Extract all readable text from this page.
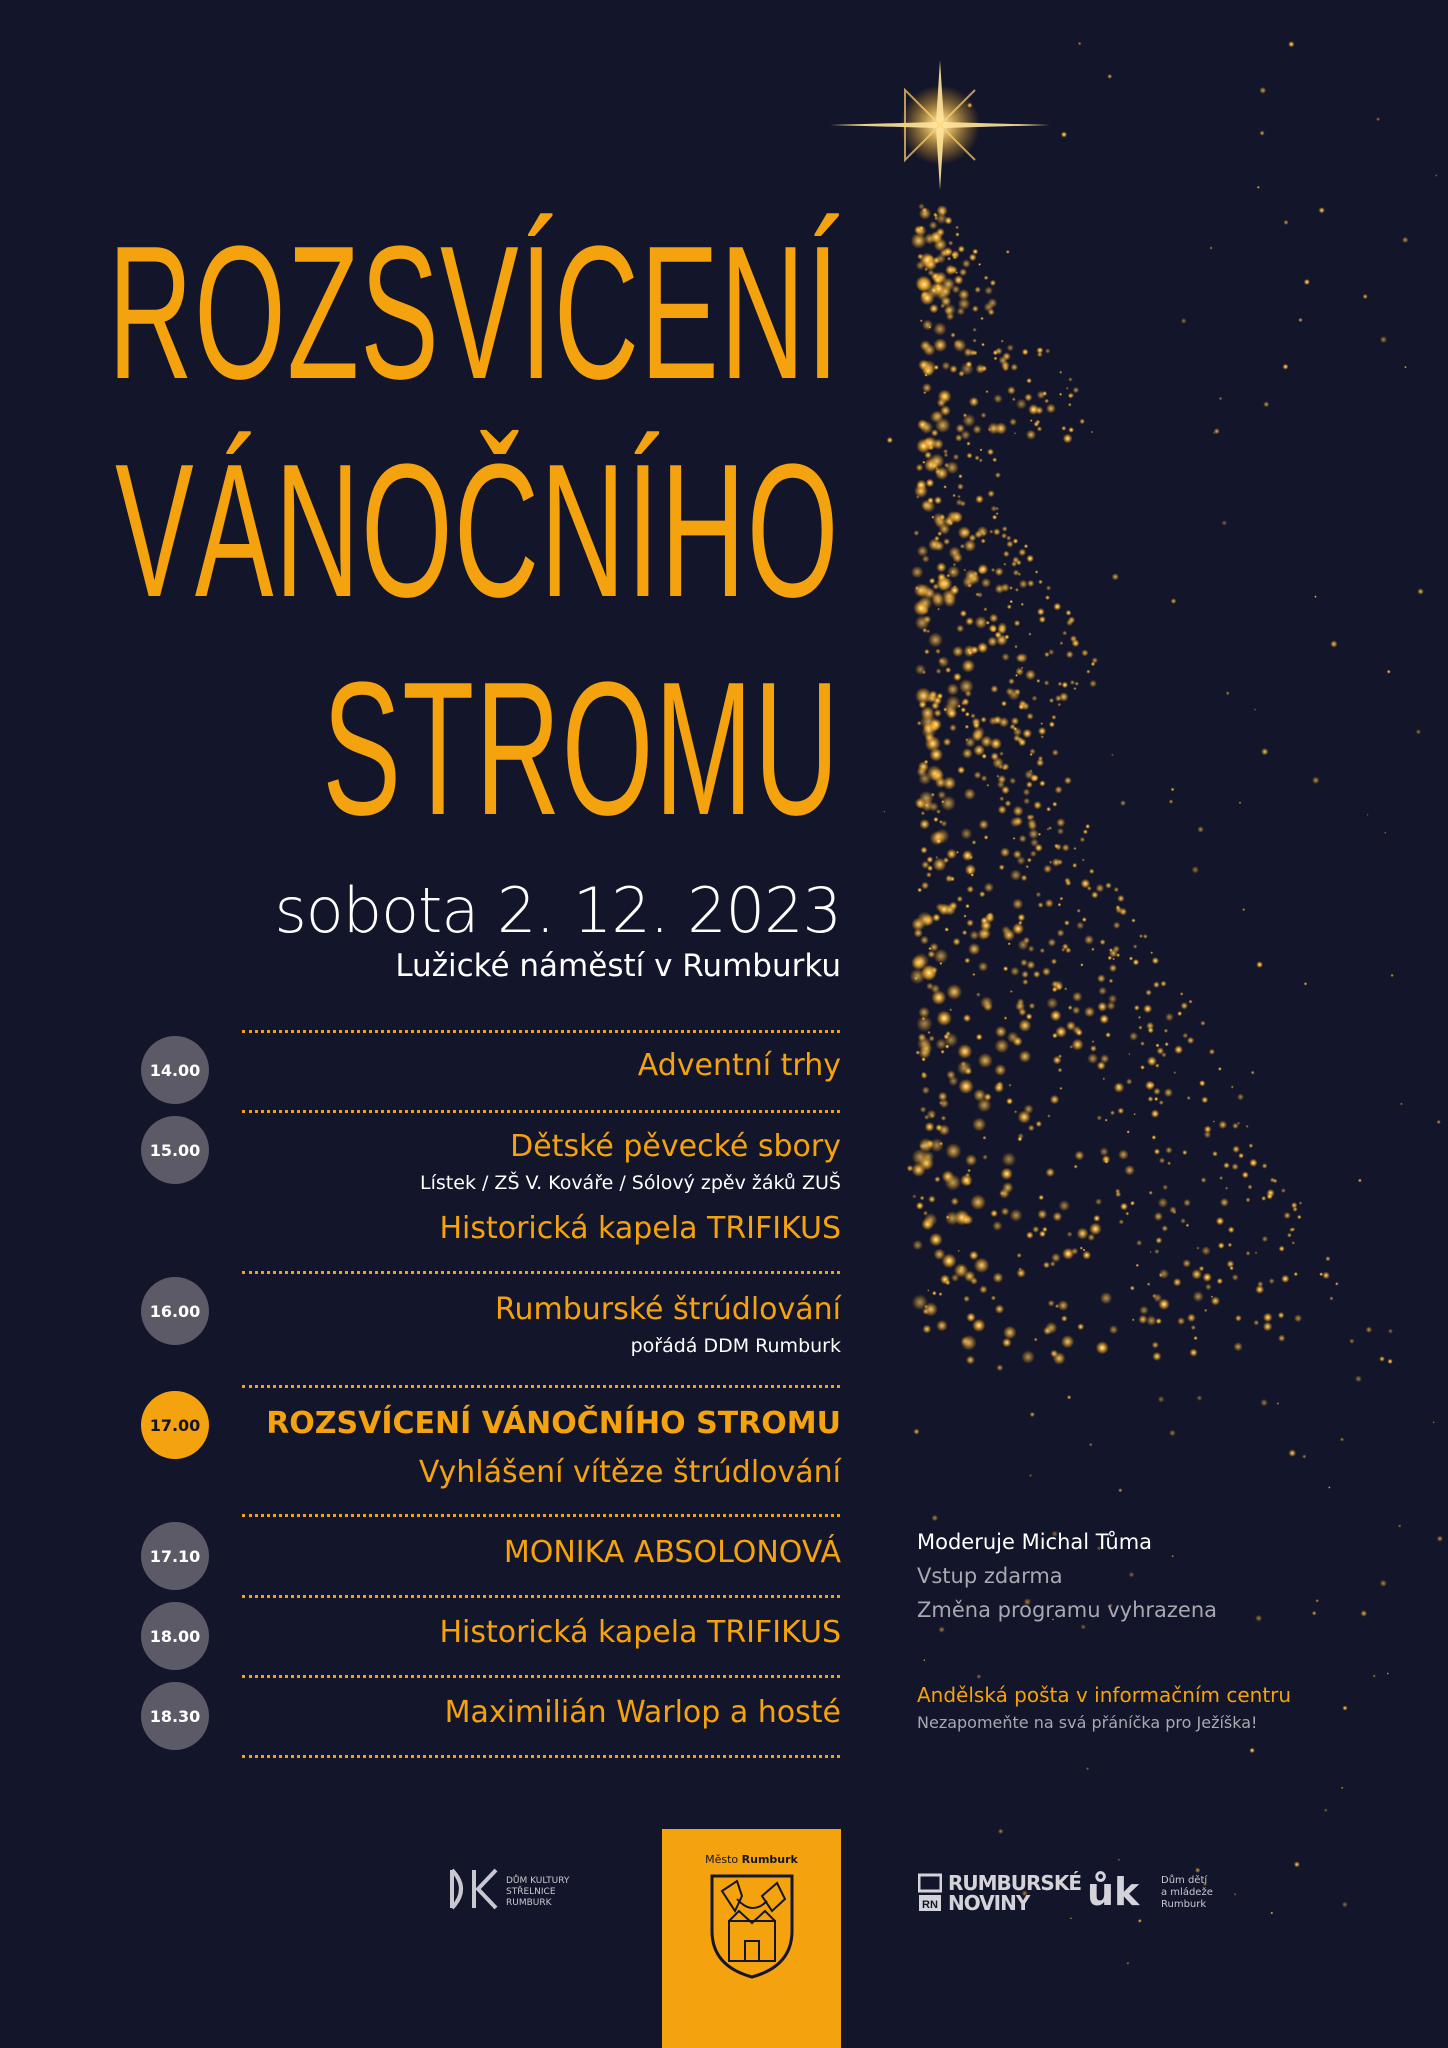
ROZSVÍCENÍ
VÁNOČNÍHO
STROMU
sobota 2. 12. 2023
Lužické náměstí v Rumburku
14.00	Adventní trhy
15.00	Dětské pěvecké sbory
Lístek / ZŠ V. Kováře / Sólový zpěv žáků ZUŠ
Historická kapela TRIFIKUS
16.00	Rumburské štrúdlování
pořádá DDM Rumburk
17.00 ROZSVÍCENÍ VÁNOČNÍHO STROMU
Vyhlášení vítěze štrúdlování
17.10	MONIKA ABSOLONOVÁ
18.00	Historická kapela TRIFIKUS
18.30	Maximilián Warlop a hosté
Moderuje Michal Tůma
Vstup zdarma
Změna programu vyhrazena
Andělská pošta v informačním centru
Nezapomeňte na svá přáníčka pro Ježíška!
DŮM KULTURY
STŘELNICE
RUMBURK
Město Rumburk
RN
RUMBURSKÉ
NOVINY	ůk Dům dětí
a mládeže
Rumburk
